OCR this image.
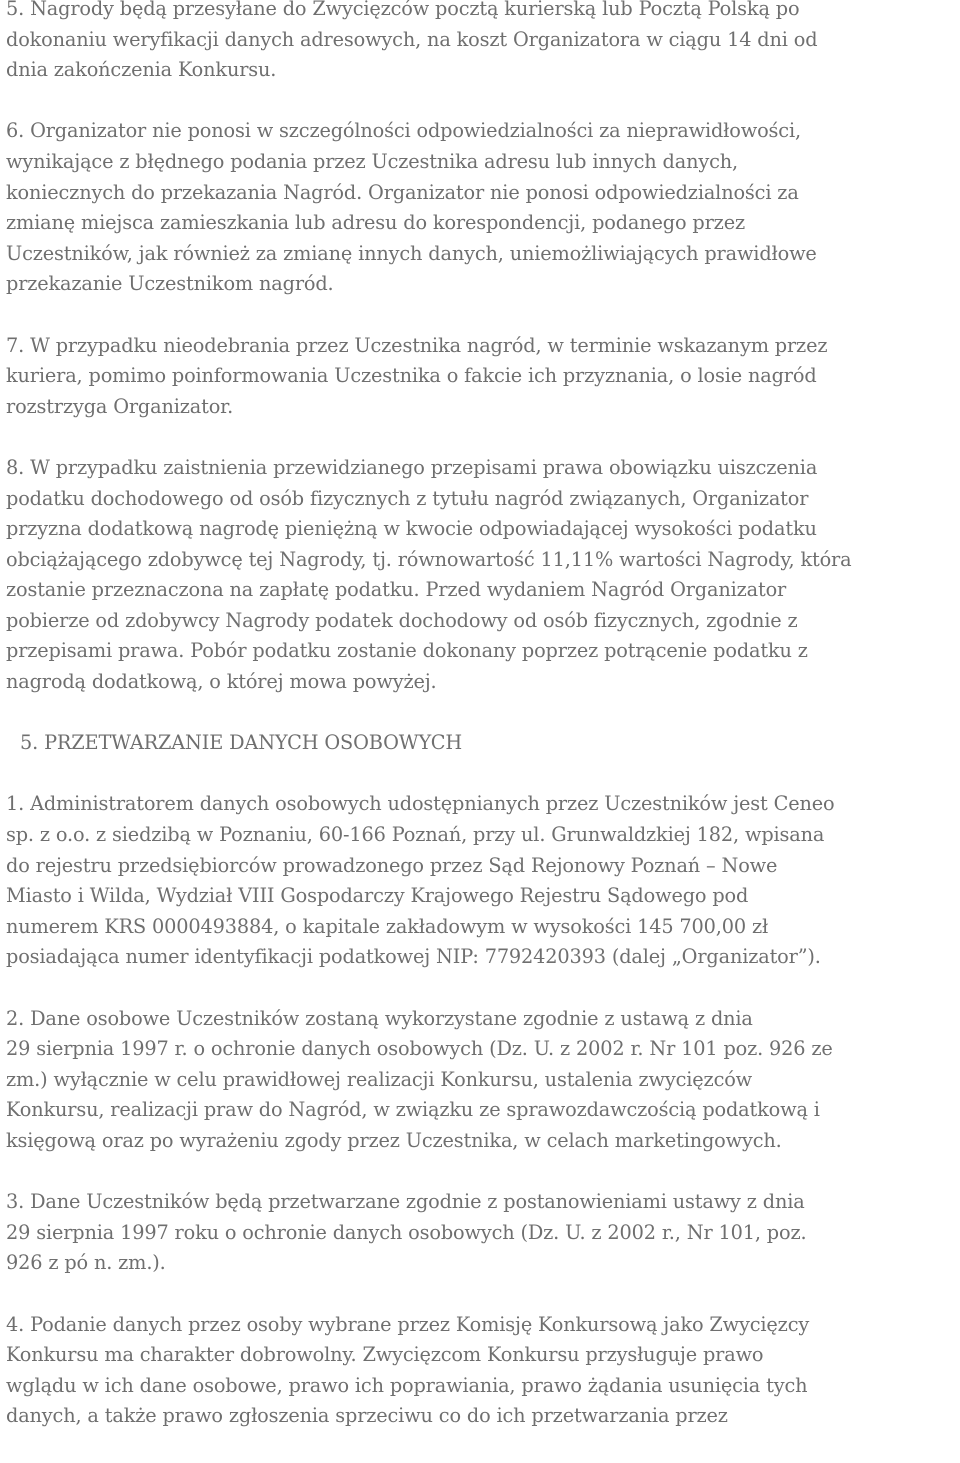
5. Nagrody będą przesyłane do Zwycięzców pocztą kurierską lub Pocztą Polską po
dokonaniu weryfikacji danych adresowych, na koszt Organizatora w ciągu 14 dni od
dnia zakończenia Konkursu.

6. Organizator nie ponosi w szczególności odpowiedzialności za nieprawidłowości,
wynikające z błędnego podania przez Uczestnika adresu lub innych danych,
koniecznych do przekazania Nagród. Organizator nie ponosi odpowiedzialności za
zmianę miejsca zamieszkania lub adresu do korespondencji, podanego przez
Uczestników, jak również za zmianę innych danych, uniemożliwiających prawidłowe
przekazanie Uczestnikom nagród.

7. W przypadku nieodebrania przez Uczestnika nagród, w terminie wskazanym przez
kuriera, pomimo poinformowania Uczestnika o fakcie ich przyznania, o losie nagród
rozstrzyga Organizator.

8. W przypadku zaistnienia przewidzianego przepisami prawa obowiązku uiszczenia
podatku dochodowego od osób fizycznych z tytułu nagród związanych, Organizator
przyzna dodatkową nagrodę pieniężną w kwocie odpowiadającej wysokości podatku
obciążającego zdobywcę tej Nagrody, tj. równowartość 11,11% wartości Nagrody, która
zostanie przeznaczona na zapłatę podatku. Przed wydaniem Nagród Organizator
pobierze od zdobywcy Nagrody podatek dochodowy od osób fizycznych, zgodnie z
przepisami prawa. Pobór podatku zostanie dokonany poprzez potrącenie podatku z
nagrodą dodatkową, o której mowa powyżej.

5. PRZETWARZANIE DANYCH OSOBOWYCH

1. Administratorem danych osobowych udostępnianych przez Uczestników jest Ceneo
sp. z o.o. z siedzibą w Poznaniu, 60-166 Poznań, przy ul. Grunwaldzkiej 182, wpisana
do rejestru przedsiębiorców prowadzonego przez Sąd Rejonowy Poznań – Nowe
Miasto i Wilda, Wydział VIII Gospodarczy Krajowego Rejestru Sądowego pod
numerem KRS 0000493884, o kapitale zakładowym w wysokości 145 700,00 zł
posiadająca numer identyfikacji podatkowej NIP: 7792420393 (dalej „Organizator”).

2. Dane osobowe Uczestników zostaną wykorzystane zgodnie z ustawą z dnia
29 sierpnia 1997 r. o ochronie danych osobowych (Dz. U. z 2002 r. Nr 101 poz. 926 ze
zm.) wyłącznie w celu prawidłowej realizacji Konkursu, ustalenia zwycięzców
Konkursu, realizacji praw do Nagród, w związku ze sprawozdawczością podatkową i
księgową oraz po wyrażeniu zgody przez Uczestnika, w celach marketingowych.

3. Dane Uczestników będą przetwarzane zgodnie z postanowieniami ustawy z dnia
29 sierpnia 1997 roku o ochronie danych osobowych (Dz. U. z 2002 r., Nr 101, poz.
926 z pó n. zm.).

4. Podanie danych przez osoby wybrane przez Komisję Konkursową jako Zwycięzcy
Konkursu ma charakter dobrowolny. Zwycięzcom Konkursu przysługuje prawo
wglądu w ich dane osobowe, prawo ich poprawiania, prawo żądania usunięcia tych
danych, a także prawo zgłoszenia sprzeciwu co do ich przetwarzania przez
